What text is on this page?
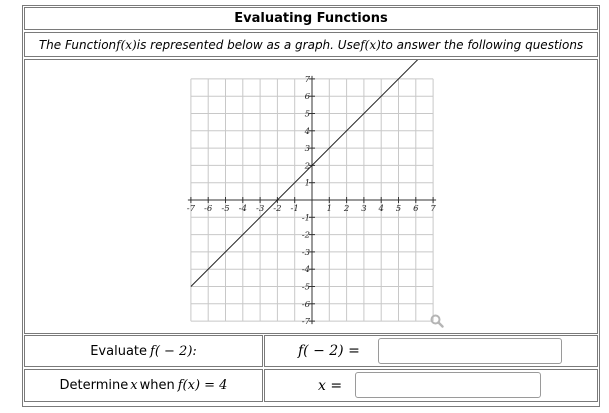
Evaluating Functions
The Function f(x) is represented below as a graph. Use f(x) to answer the following questions
-7 -6 -5 -4 -3 -2 -1	1 2 3 4 5 6 7
7
6
5
4
3
2
1
-1
-2
-3
-4
-5
-6
-7
Evaluate f( − 2):	f( − 2) =
Determine x when f(x) = 4	x =
